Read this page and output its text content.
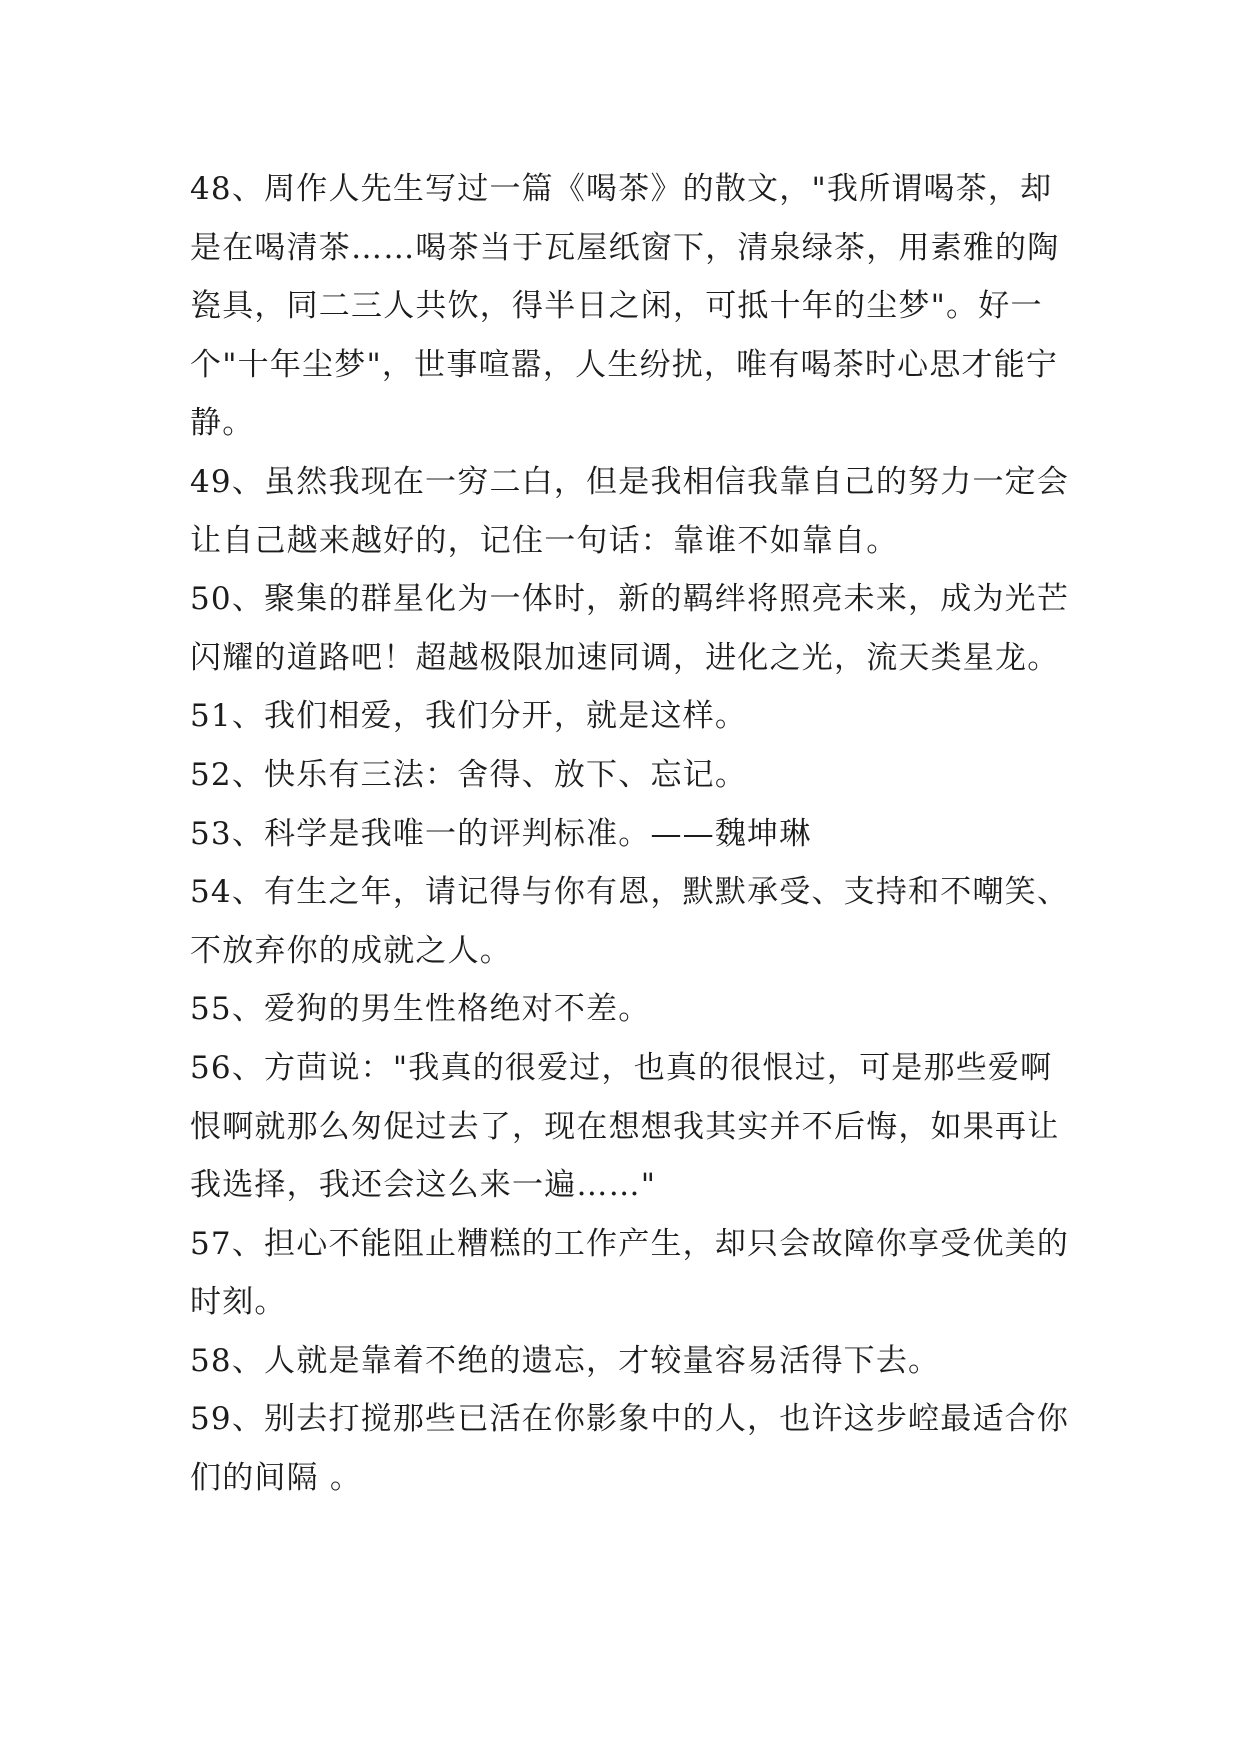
48、周作人先生写过一篇《喝茶》的散文，"我所谓喝茶，却是在喝清茶……喝茶当于瓦屋纸窗下，清泉绿茶，用素雅的陶瓷具，同二三人共饮，得半日之闲，可抵十年的尘梦"。好一个"十年尘梦"，世事喧嚣，人生纷扰，唯有喝茶时心思才能宁静。

49、虽然我现在一穷二白，但是我相信我靠自己的努力一定会让自己越来越好的，记住一句话：靠谁不如靠自。

50、聚集的群星化为一体时，新的羁绊将照亮未来，成为光芒闪耀的道路吧！超越极限加速同调，进化之光，流天类星龙。

51、我们相爱，我们分开，就是这样。

52、快乐有三法：舍得、放下、忘记。

53、科学是我唯一的评判标准。——魏坤琳

54、有生之年，请记得与你有恩，默默承受、支持和不嘲笑、不放弃你的成就之人。

55、爱狗的男生性格绝对不差。

56、方茴说："我真的很爱过，也真的很恨过，可是那些爱啊恨啊就那么匆促过去了，现在想想我其实并不后悔，如果再让我选择，我还会这么来一遍……"

57、担心不能阻止糟糕的工作产生，却只会故障你享受优美的时刻。

58、人就是靠着不绝的遗忘，才较量容易活得下去。

59、别去打搅那些已活在你影象中的人，也许这步崆最适合你们的间隔 。
